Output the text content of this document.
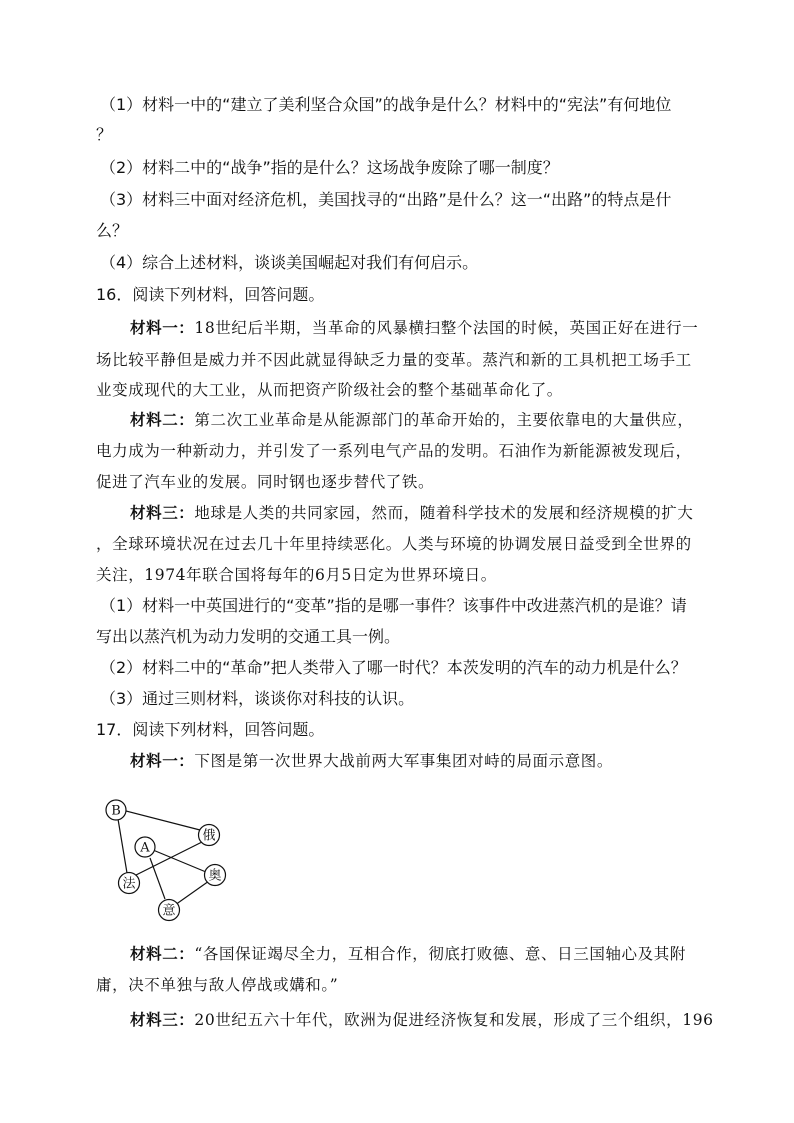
（1）材料一中的“建立了美利坚合众国”的战争是什么？材料中的“宪法”有何地位
？
（2）材料二中的“战争”指的是什么？这场战争废除了哪一制度？
（3）材料三中面对经济危机，美国找寻的“出路”是什么？这一“出路”的特点是什
么？
（4）综合上述材料，谈谈美国崛起对我们有何启示。
16．阅读下列材料，回答问题。
材料一：18世纪后半期，当革命的风暴横扫整个法国的时候，英国正好在进行一
场比较平静但是威力并不因此就显得缺乏力量的变革。蒸汽和新的工具机把工场手工
业变成现代的大工业，从而把资产阶级社会的整个基础革命化了。
材料二：第二次工业革命是从能源部门的革命开始的，主要依靠电的大量供应，
电力成为一种新动力，并引发了一系列电气产品的发明。石油作为新能源被发现后，
促进了汽车业的发展。同时钢也逐步替代了铁。
材料三：地球是人类的共同家园，然而，随着科学技术的发展和经济规模的扩大
，全球环境状况在过去几十年里持续恶化。人类与环境的协调发展日益受到全世界的
关注，1974年联合国将每年的6月5日定为世界环境日。
（1）材料一中英国进行的“变革”指的是哪一事件？该事件中改进蒸汽机的是谁？请
写出以蒸汽机为动力发明的交通工具一例。
（2）材料二中的“革命”把人类带入了哪一时代？本茨发明的汽车的动力机是什么？
（3）通过三则材料，谈谈你对科技的认识。
17．阅读下列材料，回答问题。
材料一：下图是第一次世界大战前两大军事集团对峙的局面示意图。
B
俄
A
法
奥
意
材料二：“各国保证竭尽全力，互相合作，彻底打败德、意、日三国轴心及其附
庸，决不单独与敌人停战或媾和。”
材料三：20世纪五六十年代，欧洲为促进经济恢复和发展，形成了三个组织，196
